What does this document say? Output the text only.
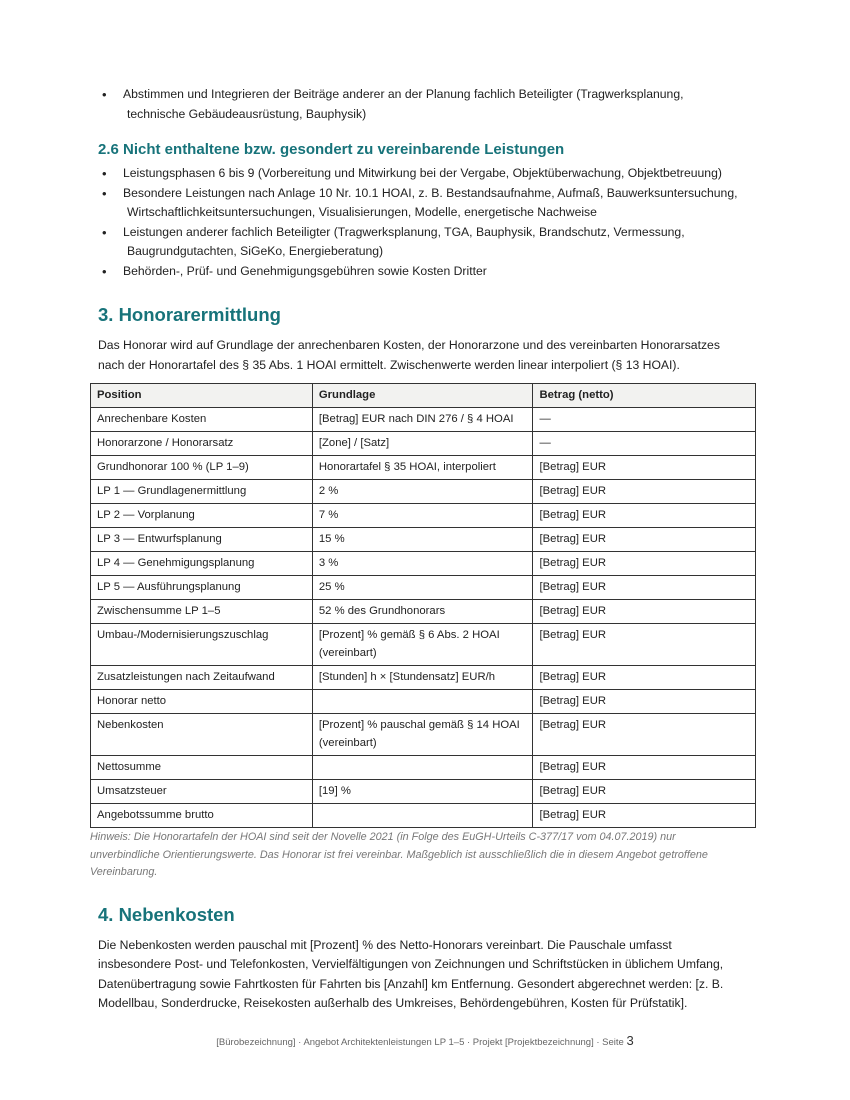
• Abstimmen und Integrieren der Beiträge anderer an der Planung fachlich Beteiligter (Tragwerksplanung,
technische Gebäudeausrüstung, Bauphysik)
2.6 Nicht enthaltene bzw. gesondert zu vereinbarende Leistungen
• Leistungsphasen 6 bis 9 (Vorbereitung und Mitwirkung bei der Vergabe, Objektüberwachung, Objektbetreuung)
• Besondere Leistungen nach Anlage 10 Nr. 10.1 HOAI, z. B. Bestandsaufnahme, Aufmaß, Bauwerksuntersuchung,
Wirtschaftlichkeitsuntersuchungen, Visualisierungen, Modelle, energetische Nachweise
• Leistungen anderer fachlich Beteiligter (Tragwerksplanung, TGA, Bauphysik, Brandschutz, Vermessung,
Baugrundgutachten, SiGeKo, Energieberatung)
• Behörden-, Prüf- und Genehmigungsgebühren sowie Kosten Dritter
3. Honorarermittlung

Das Honorar wird auf Grundlage der anrechenbaren Kosten, der Honorarzone und des vereinbarten Honorarsatzes
nach der Honorartafel des § 35 Abs. 1 HOAI ermittelt. Zwischenwerte werden linear interpoliert (§ 13 HOAI).

Position	Grundlage	Betrag (netto)
Anrechenbare Kosten	[Betrag] EUR nach DIN 276 / § 4 HOAI	—
Honorarzone / Honorarsatz	[Zone] / [Satz]	—
Grundhonorar 100 % (LP 1–9)	Honorartafel § 35 HOAI, interpoliert	[Betrag] EUR
LP 1 — Grundlagenermittlung	2 %	[Betrag] EUR
LP 2 — Vorplanung	7 %	[Betrag] EUR
LP 3 — Entwurfsplanung	15 %	[Betrag] EUR
LP 4 — Genehmigungsplanung	3 %	[Betrag] EUR
LP 5 — Ausführungsplanung	25 %	[Betrag] EUR
Zwischensumme LP 1–5	52 % des Grundhonorars	[Betrag] EUR
Umbau-/Modernisierungszuschlag	[Prozent] % gemäß § 6 Abs. 2 HOAI (vereinbart)	[Betrag] EUR
Zusatzleistungen nach Zeitaufwand	[Stunden] h × [Stundensatz] EUR/h	[Betrag] EUR
Honorar netto		[Betrag] EUR
Nebenkosten	[Prozent] % pauschal gemäß § 14 HOAI (vereinbart)	[Betrag] EUR
Nettosumme		[Betrag] EUR
Umsatzsteuer	[19] %	[Betrag] EUR
Angebotssumme brutto		[Betrag] EUR

Hinweis: Die Honorartafeln der HOAI sind seit der Novelle 2021 (in Folge des EuGH-Urteils C-377/17 vom 04.07.2019) nur
unverbindliche Orientierungswerte. Das Honorar ist frei vereinbar. Maßgeblich ist ausschließlich die in diesem Angebot getroffene
Vereinbarung.

4. Nebenkosten

Die Nebenkosten werden pauschal mit [Prozent] % des Netto-Honorars vereinbart. Die Pauschale umfasst
insbesondere Post- und Telefonkosten, Vervielfältigungen von Zeichnungen und Schriftstücken in üblichem Umfang,
Datenübertragung sowie Fahrtkosten für Fahrten bis [Anzahl] km Entfernung. Gesondert abgerechnet werden: [z. B.
Modellbau, Sonderdrucke, Reisekosten außerhalb des Umkreises, Behördengebühren, Kosten für Prüfstatik].

[Bürobezeichnung] · Angebot Architektenleistungen LP 1–5 · Projekt [Projektbezeichnung] · Seite 3
